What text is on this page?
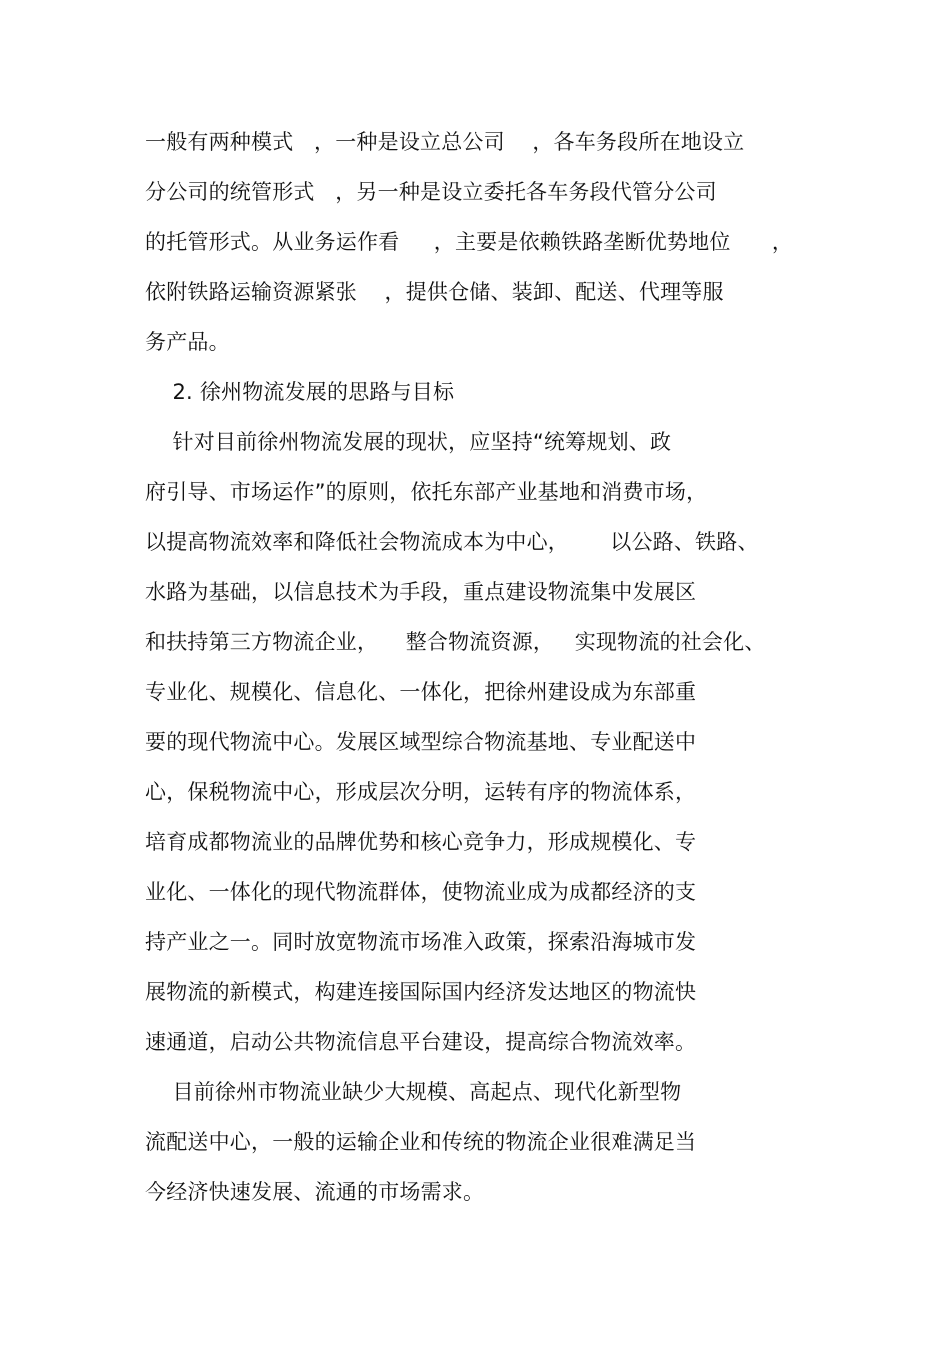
一般有两种模式   ，一种是设立总公司    ，各车务段所在地设立
分公司的统管形式   ，另一种是设立委托各车务段代管分公司
的托管形式。从业务运作看     ，主要是依赖铁路垄断优势地位      ，
依附铁路运输资源紧张    ，提供仓储、装卸、配送、代理等服
务产品。
2. 徐州物流发展的思路与目标
针对目前徐州物流发展的现状，应坚持“统筹规划、政
府引导、市场运作”的原则，依托东部产业基地和消费市场，
以提高物流效率和降低社会物流成本为中心，      以公路、铁路、
水路为基础，以信息技术为手段，重点建设物流集中发展区
和扶持第三方物流企业，    整合物流资源，   实现物流的社会化、
专业化、规模化、信息化、一体化，把徐州建设成为东部重
要的现代物流中心。发展区域型综合物流基地、专业配送中
心，保税物流中心，形成层次分明，运转有序的物流体系，
培育成都物流业的品牌优势和核心竞争力，形成规模化、专
业化、一体化的现代物流群体，使物流业成为成都经济的支
持产业之一。同时放宽物流市场准入政策，探索沿海城市发
展物流的新模式，构建连接国际国内经济发达地区的物流快
速通道，启动公共物流信息平台建设，提高综合物流效率。
目前徐州市物流业缺少大规模、高起点、现代化新型物
流配送中心，一般的运输企业和传统的物流企业很难满足当
今经济快速发展、流通的市场需求。
